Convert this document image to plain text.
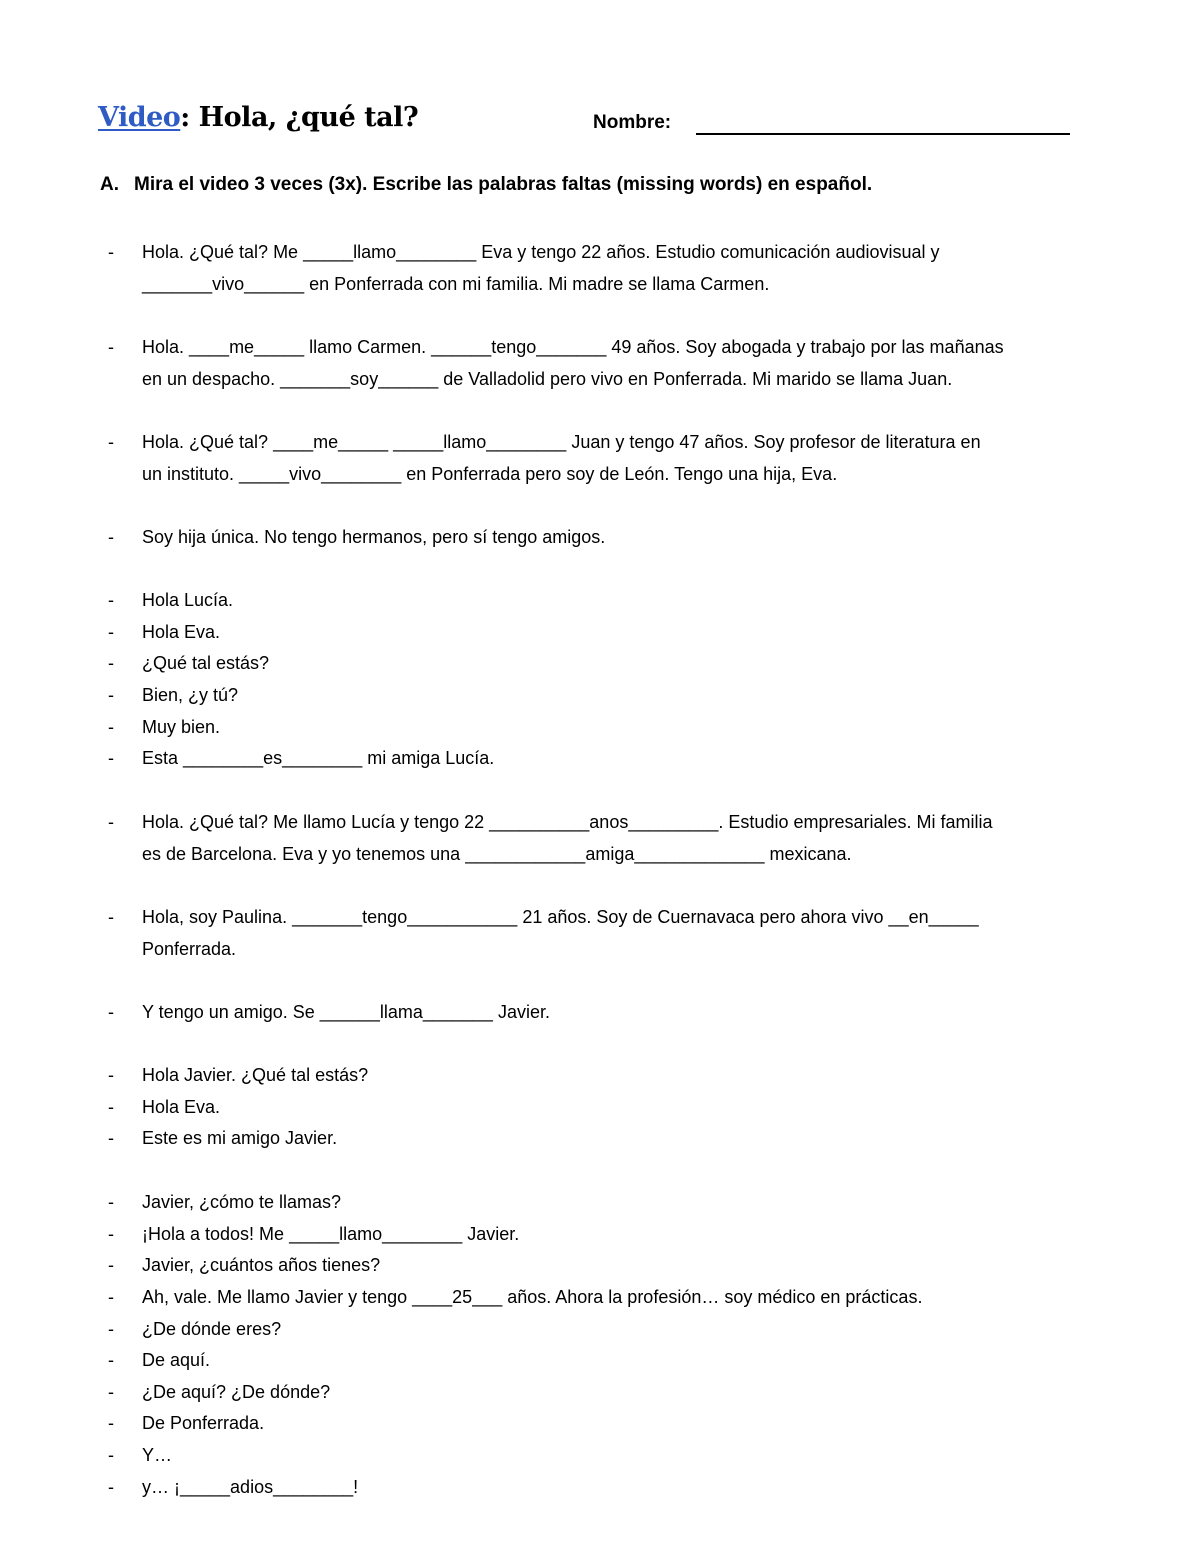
Video: Hola, ¿qué tal?	Nombre:
A. Mira el video 3 veces (3x). Escribe las palabras faltas (missing words) en español.
- Hola. ¿Qué tal? Me _____llamo________ Eva y tengo 22 años. Estudio comunicación audiovisual y
_______vivo______ en Ponferrada con mi familia. Mi madre se llama Carmen.
- Hola. ____me_____ llamo Carmen. ______tengo_______ 49 años. Soy abogada y trabajo por las mañanas
en un despacho. _______soy______ de Valladolid pero vivo en Ponferrada. Mi marido se llama Juan.
- Hola. ¿Qué tal? ____me_____ _____llamo________ Juan y tengo 47 años. Soy profesor de literatura en
un instituto. _____vivo________ en Ponferrada pero soy de León. Tengo una hija, Eva.
- Soy hija única. No tengo hermanos, pero sí tengo amigos.
- Hola Lucía.
- Hola Eva.
- ¿Qué tal estás?
- Bien, ¿y tú?
- Muy bien.
- Esta ________es________ mi amiga Lucía.
- Hola. ¿Qué tal? Me llamo Lucía y tengo 22 __________anos_________. Estudio empresariales. Mi familia
es de Barcelona. Eva y yo tenemos una ____________amiga_____________ mexicana.
- Hola, soy Paulina. _______tengo___________ 21 años. Soy de Cuernavaca pero ahora vivo __en_____
Ponferrada.
- Y tengo un amigo. Se ______llama_______ Javier.
- Hola Javier. ¿Qué tal estás?
- Hola Eva.
- Este es mi amigo Javier.
- Javier, ¿cómo te llamas?
- ¡Hola a todos! Me _____llamo________ Javier.
- Javier, ¿cuántos años tienes?
- Ah, vale. Me llamo Javier y tengo ____25___ años. Ahora la profesión… soy médico en prácticas.
- ¿De dónde eres?
- De aquí.
- ¿De aquí? ¿De dónde?
- De Ponferrada.
- Y…
- y… ¡_____adios________!
